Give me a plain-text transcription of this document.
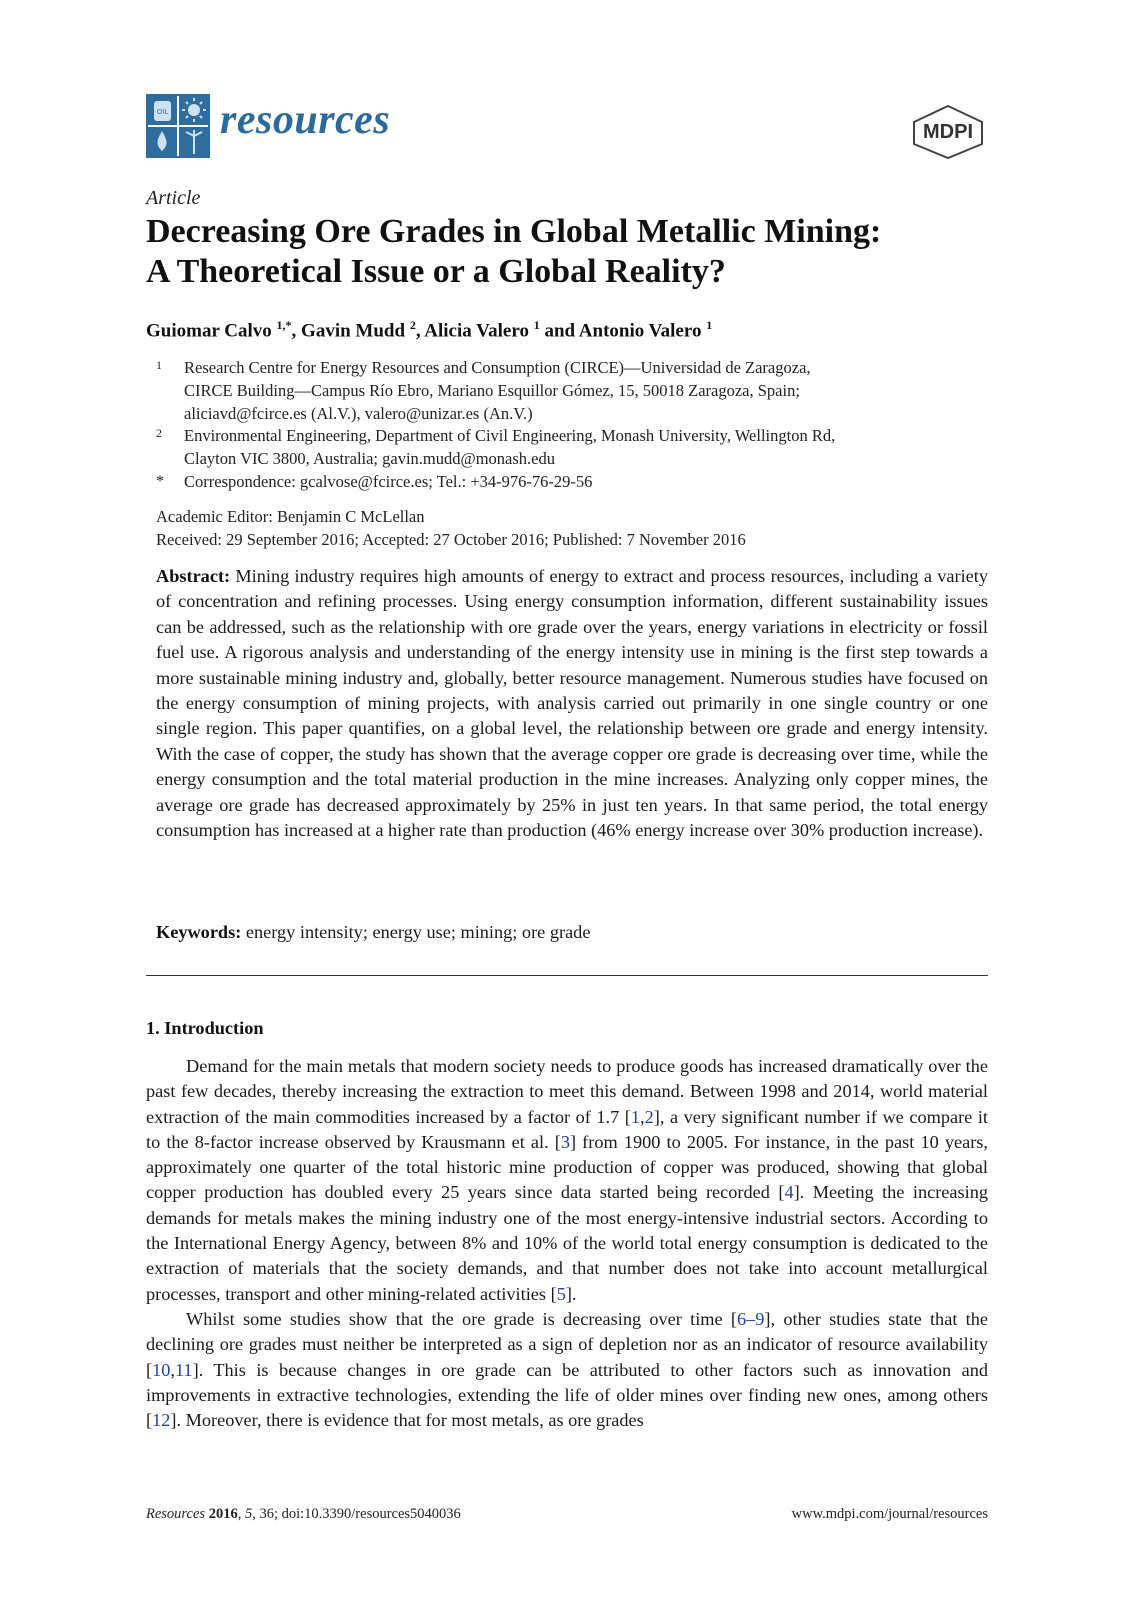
OIL resources	MDPI
Article
Decreasing Ore Grades in Global Metallic Mining:
A Theoretical Issue or a Global Reality?
Guiomar Calvo $^{1,*}$, Gavin Mudd $^2$, Alicia Valero $^1$ and Antonio Valero $^1$
1 Research Centre for Energy Resources and Consumption (CIRCE)—Universidad de Zaragoza,
CIRCE Building—Campus Río Ebro, Mariano Esquillor Gómez, 15, 50018 Zaragoza, Spain;
aliciavd@fcirce.es (Al.V.), valero@unizar.es (An.V.)
2 Environmental Engineering, Department of Civil Engineering, Monash University, Wellington Rd,
Clayton VIC 3800, Australia; gavin.mudd@monash.edu
* Correspondence: gcalvose@fcirce.es; Tel.: +34-976-76-29-56
Academic Editor: Benjamin C McLellan
Received: 29 September 2016; Accepted: 27 October 2016; Published: 7 November 2016
Abstract: Mining industry requires high amounts of energy to extract and process resources, including a variety of concentration and refining processes. Using energy consumption information, different sustainability issues can be addressed, such as the relationship with ore grade over the years, energy variations in electricity or fossil fuel use. A rigorous analysis and understanding of the energy intensity use in mining is the first step towards a more sustainable mining industry and, globally, better resource management. Numerous studies have focused on the energy consumption of mining projects, with analysis carried out primarily in one single country or one single region. This paper quantifies, on a global level, the relationship between ore grade and energy intensity. With the case of copper, the study has shown that the average copper ore grade is decreasing over time, while the energy consumption and the total material production in the mine increases. Analyzing only copper mines, the average ore grade has decreased approximately by 25% in just ten years. In that same period, the total energy consumption has increased at a higher rate than production (46% energy increase over 30% production increase).
Keywords: energy intensity; energy use; mining; ore grade
1. Introduction

Demand for the main metals that modern society needs to produce goods has increased dramatically over the past few decades, thereby increasing the extraction to meet this demand. Between 1998 and 2014, world material extraction of the main commodities increased by a factor of 1.7 [1,2], a very significant number if we compare it to the 8-factor increase observed by Krausmann et al. [3] from 1900 to 2005. For instance, in the past 10 years, approximately one quarter of the total historic mine production of copper was produced, showing that global copper production has doubled every 25 years since data started being recorded [4]. Meeting the increasing demands for metals makes the mining industry one of the most energy-intensive industrial sectors. According to the International Energy Agency, between 8% and 10% of the world total energy consumption is dedicated to the extraction of materials that the society demands, and that number does not take into account metallurgical processes, transport and other mining-related activities [5].

Whilst some studies show that the ore grade is decreasing over time [6–9], other studies state that the declining ore grades must neither be interpreted as a sign of depletion nor as an indicator of resource availability [10,11]. This is because changes in ore grade can be attributed to other factors such as innovation and improvements in extractive technologies, extending the life of older mines over finding new ones, among others [12]. Moreover, there is evidence that for most metals, as ore grades

Resources 2016, 5, 36; doi:10.3390/resources5040036	www.mdpi.com/journal/resources
